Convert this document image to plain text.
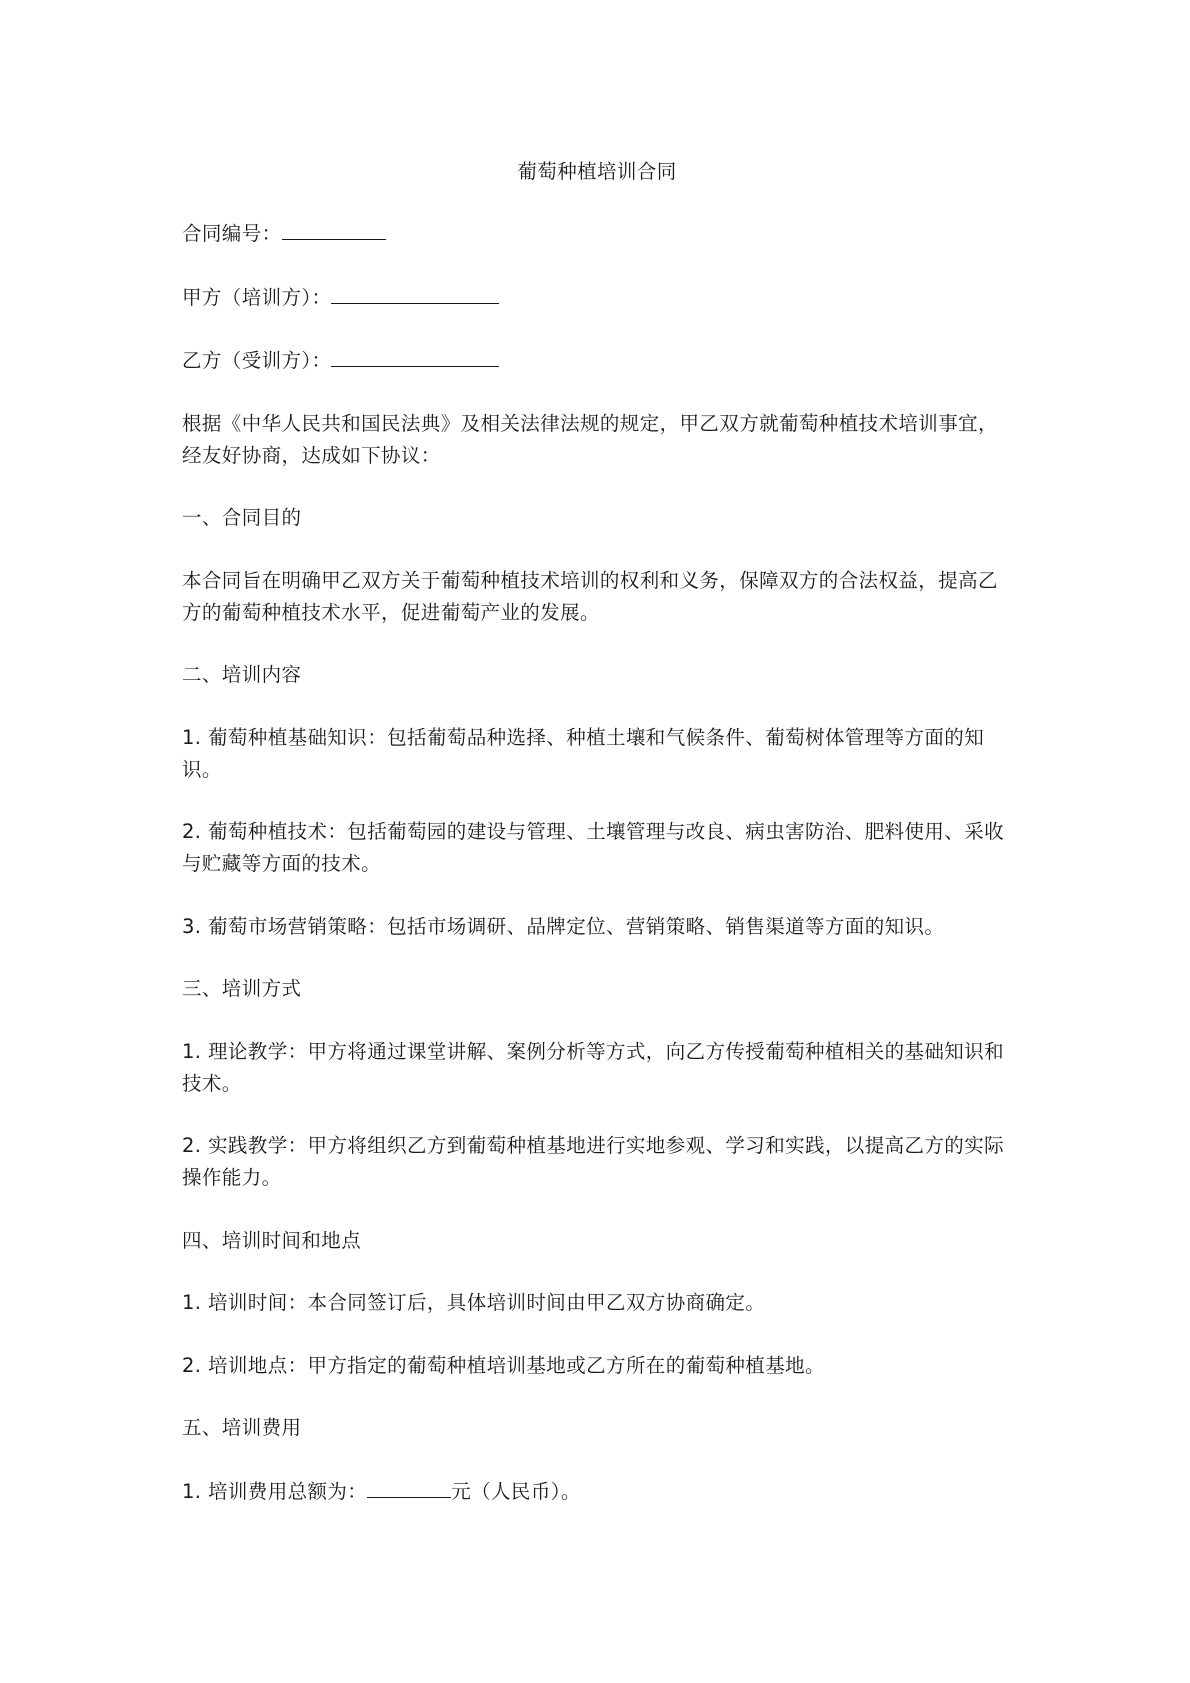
葡萄种植培训合同

合同编号：

甲方（培训方）：

乙方（受训方）：

根据《中华人民共和国民法典》及相关法律法规的规定，甲乙双方就葡萄种植技术培训事宜，经友好协商，达成如下协议：

一、合同目的

本合同旨在明确甲乙双方关于葡萄种植技术培训的权利和义务，保障双方的合法权益，提高乙方的葡萄种植技术水平，促进葡萄产业的发展。

二、培训内容

1. 葡萄种植基础知识：包括葡萄品种选择、种植土壤和气候条件、葡萄树体管理等方面的知识。

2. 葡萄种植技术：包括葡萄园的建设与管理、土壤管理与改良、病虫害防治、肥料使用、采收与贮藏等方面的技术。

3. 葡萄市场营销策略：包括市场调研、品牌定位、营销策略、销售渠道等方面的知识。

三、培训方式

1. 理论教学：甲方将通过课堂讲解、案例分析等方式，向乙方传授葡萄种植相关的基础知识和技术。

2. 实践教学：甲方将组织乙方到葡萄种植基地进行实地参观、学习和实践，以提高乙方的实际操作能力。

四、培训时间和地点

1. 培训时间：本合同签订后，具体培训时间由甲乙双方协商确定。

2. 培训地点：甲方指定的葡萄种植培训基地或乙方所在的葡萄种植基地。

五、培训费用

1. 培训费用总额为：	元（人民币）。
